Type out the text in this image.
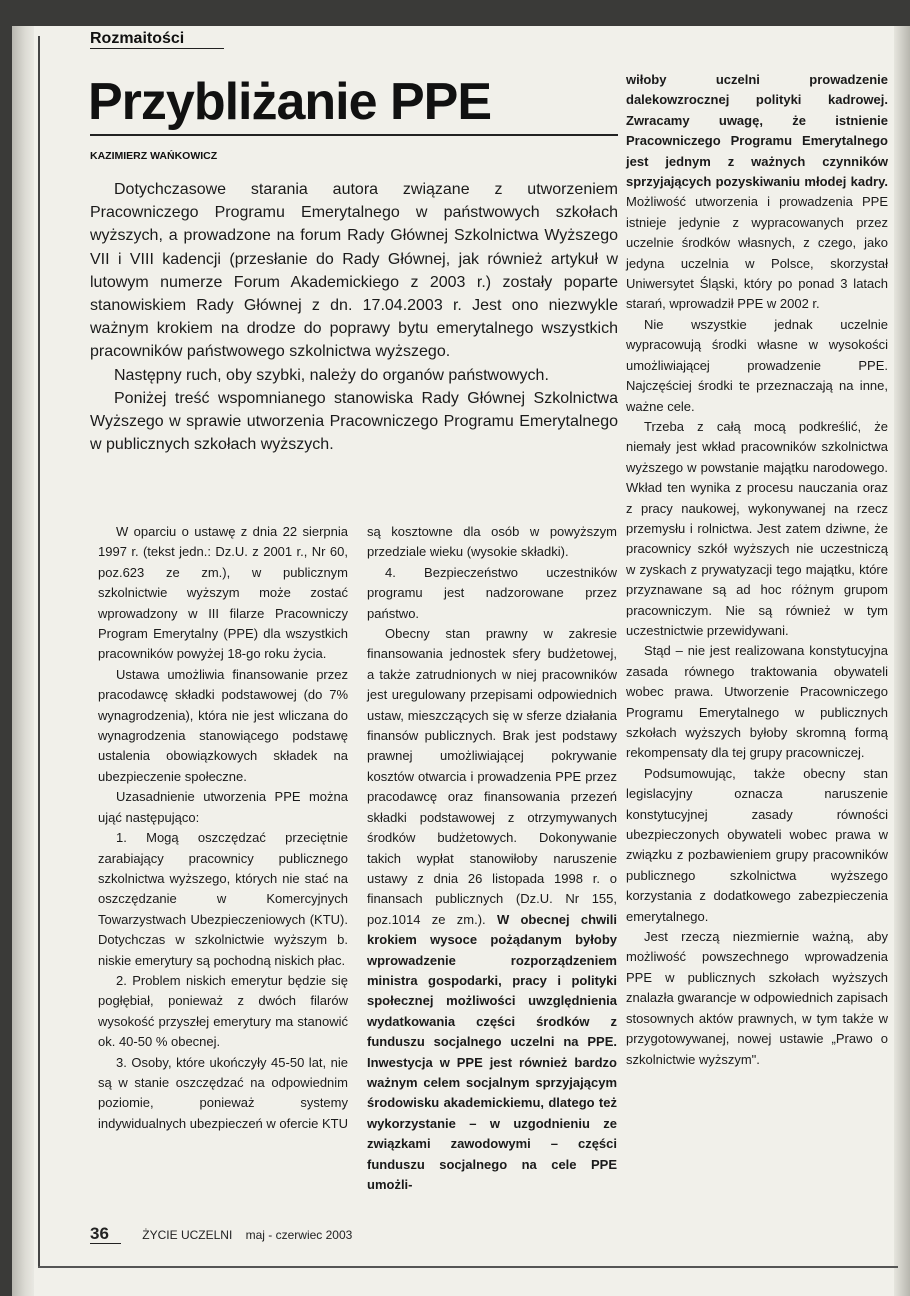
Rozmaitości
Przybliżanie PPE
KAZIMIERZ WAŃKOWICZ

Dotychczasowe starania autora związane z utworzeniem Pracowniczego Programu Emerytalnego w państwowych szkołach wyższych, a prowadzone na forum Rady Głównej Szkolnictwa Wyższego VII i VIII kadencji (przesłanie do Rady Głównej, jak również artykuł w lutowym numerze Forum Akademickiego z 2003 r.) zostały poparte stanowiskiem Rady Głównej z dn. 17.04.2003 r. Jest ono niezwykle ważnym krokiem na drodze do poprawy bytu emerytalnego wszystkich pracowników państwowego szkolnictwa wyższego.

Następny ruch, oby szybki, należy do organów państwowych.

Poniżej treść wspomnianego stanowiska Rady Głównej Szkolnictwa Wyższego w sprawie utworzenia Pracowniczego Programu Emerytalnego w publicznych szkołach wyższych.

W oparciu o ustawę z dnia 22 sierpnia 1997 r. (tekst jedn.: Dz.U. z 2001 r., Nr 60, poz.623 ze zm.), w publicznym szkolnictwie wyższym może zostać wprowadzony w III filarze Pracowniczy Program Emerytalny (PPE) dla wszystkich pracowników powyżej 18-go roku życia.

Ustawa umożliwia finansowanie przez pracodawcę składki podstawowej (do 7% wynagrodzenia), która nie jest wliczana do wynagrodzenia stanowiącego podstawę ustalenia obowiązkowych składek na ubezpieczenie społeczne.

Uzasadnienie utworzenia PPE można ująć następująco:

1. Mogą oszczędzać przeciętnie zarabiający pracownicy publicznego szkolnictwa wyższego, których nie stać na oszczędzanie w Komercyjnych Towarzystwach Ubezpieczeniowych (KTU). Dotychczas w szkolnictwie wyższym b. niskie emerytury są pochodną niskich płac.

2. Problem niskich emerytur będzie się pogłębiał, ponieważ z dwóch filarów wysokość przyszłej emerytury ma stanowić ok. 40-50 % obecnej.

3. Osoby, które ukończyły 45-50 lat, nie są w stanie oszczędzać na odpowiednim poziomie, ponieważ systemy indywidualnych ubezpieczeń w ofercie KTU

są kosztowne dla osób w powyższym przedziale wieku (wysokie składki).

4. Bezpieczeństwo uczestników programu jest nadzorowane przez państwo.

Obecny stan prawny w zakresie finansowania jednostek sfery budżetowej, a także zatrudnionych w niej pracowników jest uregulowany przepisami odpowiednich ustaw, mieszczących się w sferze działania finansów publicznych. Brak jest podstawy prawnej umożliwiającej pokrywanie kosztów otwarcia i prowadzenia PPE przez pracodawcę oraz finansowania przezeń składki podstawowej z otrzymywanych środków budżetowych. Dokonywanie takich wypłat stanowiłoby naruszenie ustawy z dnia 26 listopada 1998 r. o finansach publicznych (Dz.U. Nr 155, poz.1014 ze zm.). W obecnej chwili krokiem wysoce pożądanym byłoby wprowadzenie rozporządzeniem ministra gospodarki, pracy i polityki społecznej możliwości uwzględnienia wydatkowania części środków z funduszu socjalnego uczelni na PPE. Inwestycja w PPE jest również bardzo ważnym celem socjalnym sprzyjającym środowisku akademickiemu, dlatego też wykorzystanie – w uzgodnieniu ze związkami zawodowymi – części funduszu socjalnego na cele PPE umożli-

wiłoby uczelni prowadzenie dalekowzrocznej polityki kadrowej. Zwracamy uwagę, że istnienie Pracowniczego Programu Emerytalnego jest jednym z ważnych czynników sprzyjających pozyskiwaniu młodej kadry. Możliwość utworzenia i prowadzenia PPE istnieje jedynie z wypracowanych przez uczelnie środków własnych, z czego, jako jedyna uczelnia w Polsce, skorzystał Uniwersytet Śląski, który po ponad 3 latach starań, wprowadził PPE w 2002 r.

Nie wszystkie jednak uczelnie wypracowują środki własne w wysokości umożliwiającej prowadzenie PPE. Najczęściej środki te przeznaczają na inne, ważne cele.

Trzeba z całą mocą podkreślić, że niemały jest wkład pracowników szkolnictwa wyższego w powstanie majątku narodowego. Wkład ten wynika z procesu nauczania oraz z pracy naukowej, wykonywanej na rzecz przemysłu i rolnictwa. Jest zatem dziwne, że pracownicy szkół wyższych nie uczestniczą w zyskach z prywatyzacji tego majątku, które przyznawane są ad hoc różnym grupom pracowniczym. Nie są również w tym uczestnictwie przewidywani.

Stąd – nie jest realizowana konstytucyjna zasada równego traktowania obywateli wobec prawa. Utworzenie Pracowniczego Programu Emerytalnego w publicznych szkołach wyższych byłoby skromną formą rekompensaty dla tej grupy pracowniczej.

Podsumowując, także obecny stan legislacyjny oznacza naruszenie konstytucyjnej zasady równości ubezpieczonych obywateli wobec prawa w związku z pozbawieniem grupy pracowników publicznego szkolnictwa wyższego korzystania z dodatkowego zabezpieczenia emerytalnego.

Jest rzeczą niezmiernie ważną, aby możliwość powszechnego wprowadzenia PPE w publicznych szkołach wyższych znalazła gwarancje w odpowiednich zapisach stosownych aktów prawnych, w tym także w przygotowywanej, nowej ustawie „Prawo o szkolnictwie wyższym".

36	ŻYCIE UCZELNI maj - czerwiec 2003
